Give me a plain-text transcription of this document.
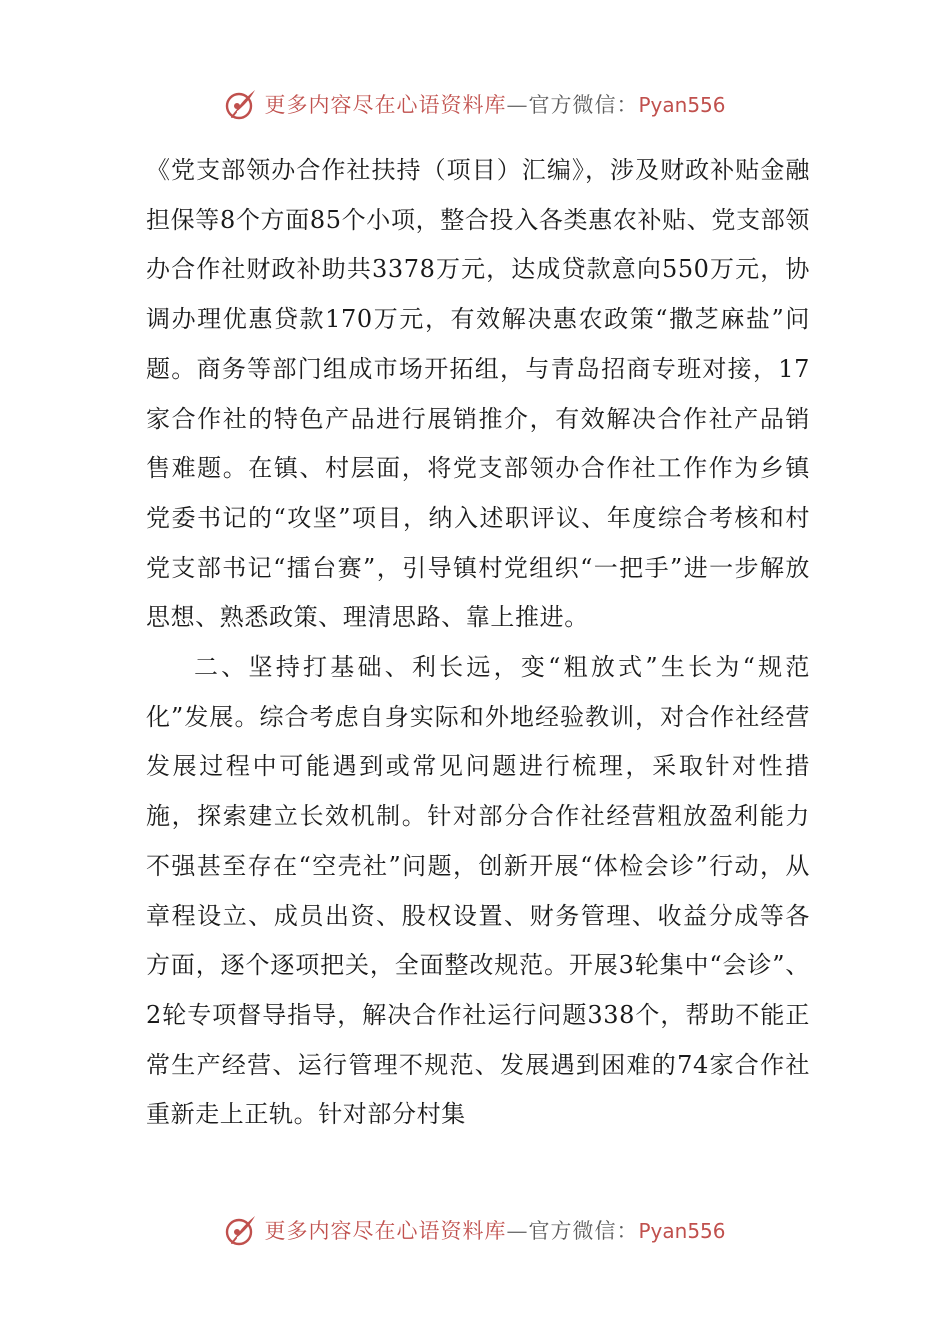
更多内容尽在心语资料库—官方微信：Pyan556

《党支部领办合作社扶持（项目）汇编》，涉及财政补贴金融担保等8个方面85个小项，整合投入各类惠农补贴、党支部领办合作社财政补助共3378万元，达成贷款意向550万元，协调办理优惠贷款170万元，有效解决惠农政策“撒芝麻盐”问题。商务等部门组成市场开拓组，与青岛招商专班对接，17家合作社的特色产品进行展销推介，有效解决合作社产品销售难题。在镇、村层面，将党支部领办合作社工作作为乡镇党委书记的“攻坚”项目，纳入述职评议、年度综合考核和村党支部书记“擂台赛”，引导镇村党组织“一把手”进一步解放思想、熟悉政策、理清思路、靠上推进。

二、坚持打基础、利长远，变“粗放式”生长为“规范化”发展。综合考虑自身实际和外地经验教训，对合作社经营发展过程中可能遇到或常见问题进行梳理，采取针对性措施，探索建立长效机制。针对部分合作社经营粗放盈利能力不强甚至存在“空壳社”问题，创新开展“体检会诊”行动，从章程设立、成员出资、股权设置、财务管理、收益分成等各方面，逐个逐项把关，全面整改规范。开展3轮集中“会诊”、2轮专项督导指导，解决合作社运行问题338个，帮助不能正常生产经营、运行管理不规范、发展遇到困难的74家合作社重新走上正轨。针对部分村集

更多内容尽在心语资料库—官方微信：Pyan556
